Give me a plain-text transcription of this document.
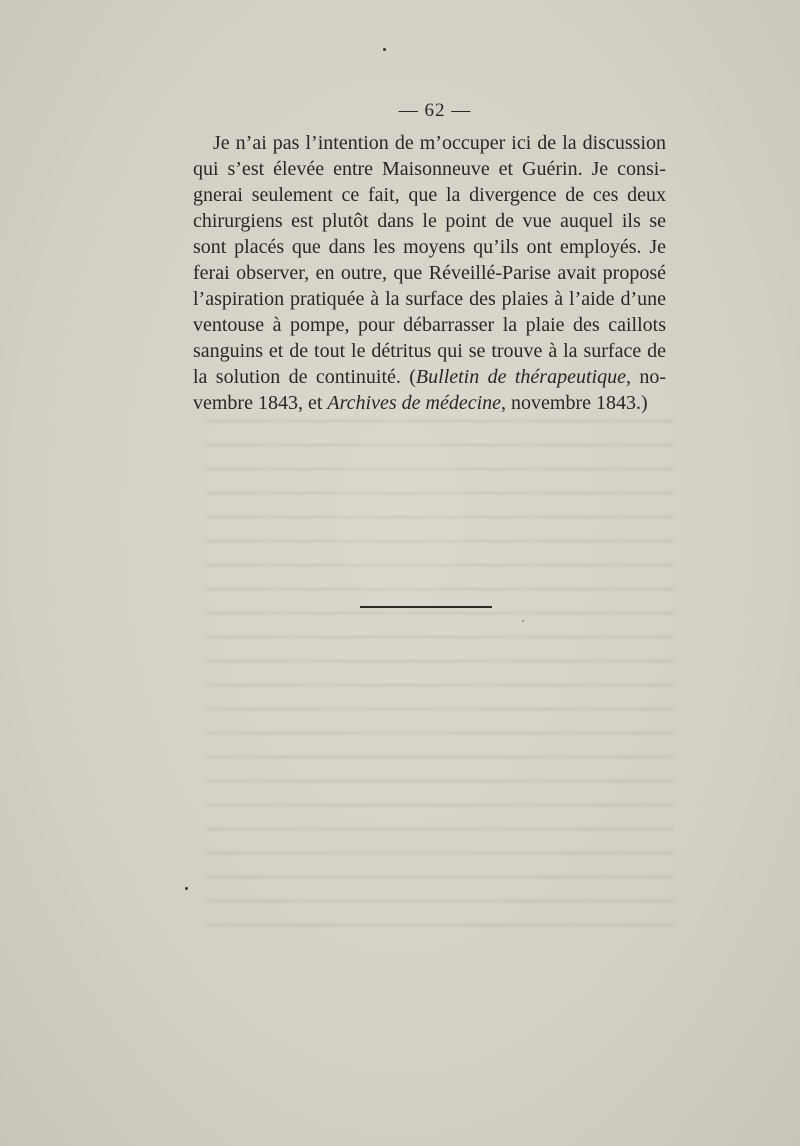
— 62 —
Je n’ai pas l’intention de m’occuper ici de la discussion
qui s’est élevée entre Maisonneuve et Guérin. Je consi-
gnerai seulement ce fait, que la divergence de ces deux
chirurgiens est plutôt dans le point de vue auquel ils se
sont placés que dans les moyens qu’ils ont employés. Je
ferai observer, en outre, que Réveillé-Parise avait proposé
l’aspiration pratiquée à la surface des plaies à l’aide d’une
ventouse à pompe, pour débarrasser la plaie des caillots
sanguins et de tout le détritus qui se trouve à la surface de
la solution de continuité. (Bulletin de thérapeutique, no-
vembre 1843, et Archives de médecine, novembre 1843.)
